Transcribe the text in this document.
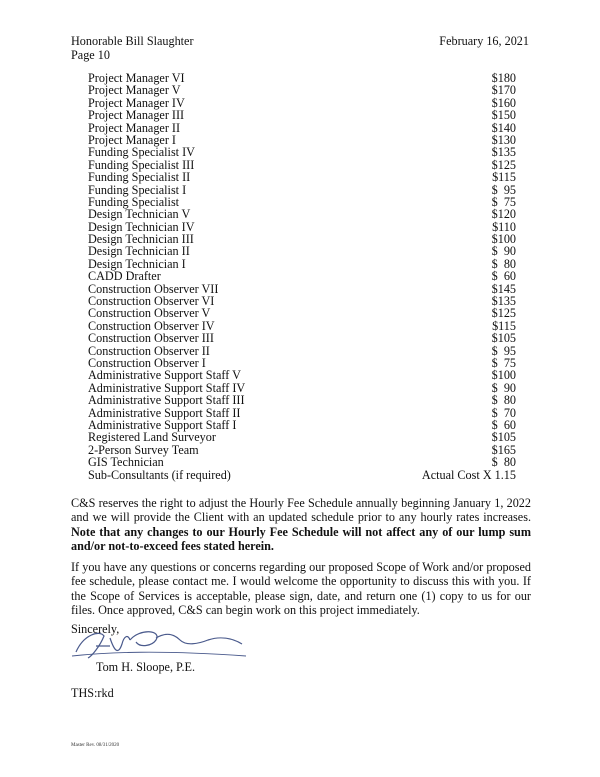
Honorable Bill Slaughter	February 16, 2021
Page 10
Project Manager VI	$180
Project Manager V	$170
Project Manager IV	$160
Project Manager III	$150
Project Manager II	$140
Project Manager I	$130
Funding Specialist IV	$135
Funding Specialist III	$125
Funding Specialist II	$115
Funding Specialist I	$  95
Funding Specialist	$  75
Design Technician V	$120
Design Technician IV	$110
Design Technician III	$100
Design Technician II	$  90
Design Technician I	$  80
CADD Drafter	$  60
Construction Observer VII	$145
Construction Observer VI	$135
Construction Observer V	$125
Construction Observer IV	$115
Construction Observer III	$105
Construction Observer II	$  95
Construction Observer I	$  75
Administrative Support Staff V	$100
Administrative Support Staff IV	$  90
Administrative Support Staff III	$  80
Administrative Support Staff II	$  70
Administrative Support Staff I	$  60
Registered Land Surveyor	$105
2-Person Survey Team	$165
GIS Technician	$  80
Sub-Consultants (if required)	Actual Cost X 1.15

C&S reserves the right to adjust the Hourly Fee Schedule annually beginning January 1, 2022 and we will provide the Client with an updated schedule prior to any hourly rates increases. Note that any changes to our Hourly Fee Schedule will not affect any of our lump sum and/or not-to-exceed fees stated herein.

If you have any questions or concerns regarding our proposed Scope of Work and/or proposed fee schedule, please contact me. I would welcome the opportunity to discuss this with you. If the Scope of Services is acceptable, please sign, date, and return one (1) copy to us for our files. Once approved, C&S can begin work on this project immediately.

Sincerely,
Tom H. Sloope, P.E.
THS:rkd
Master Rev. 08/31/2020
